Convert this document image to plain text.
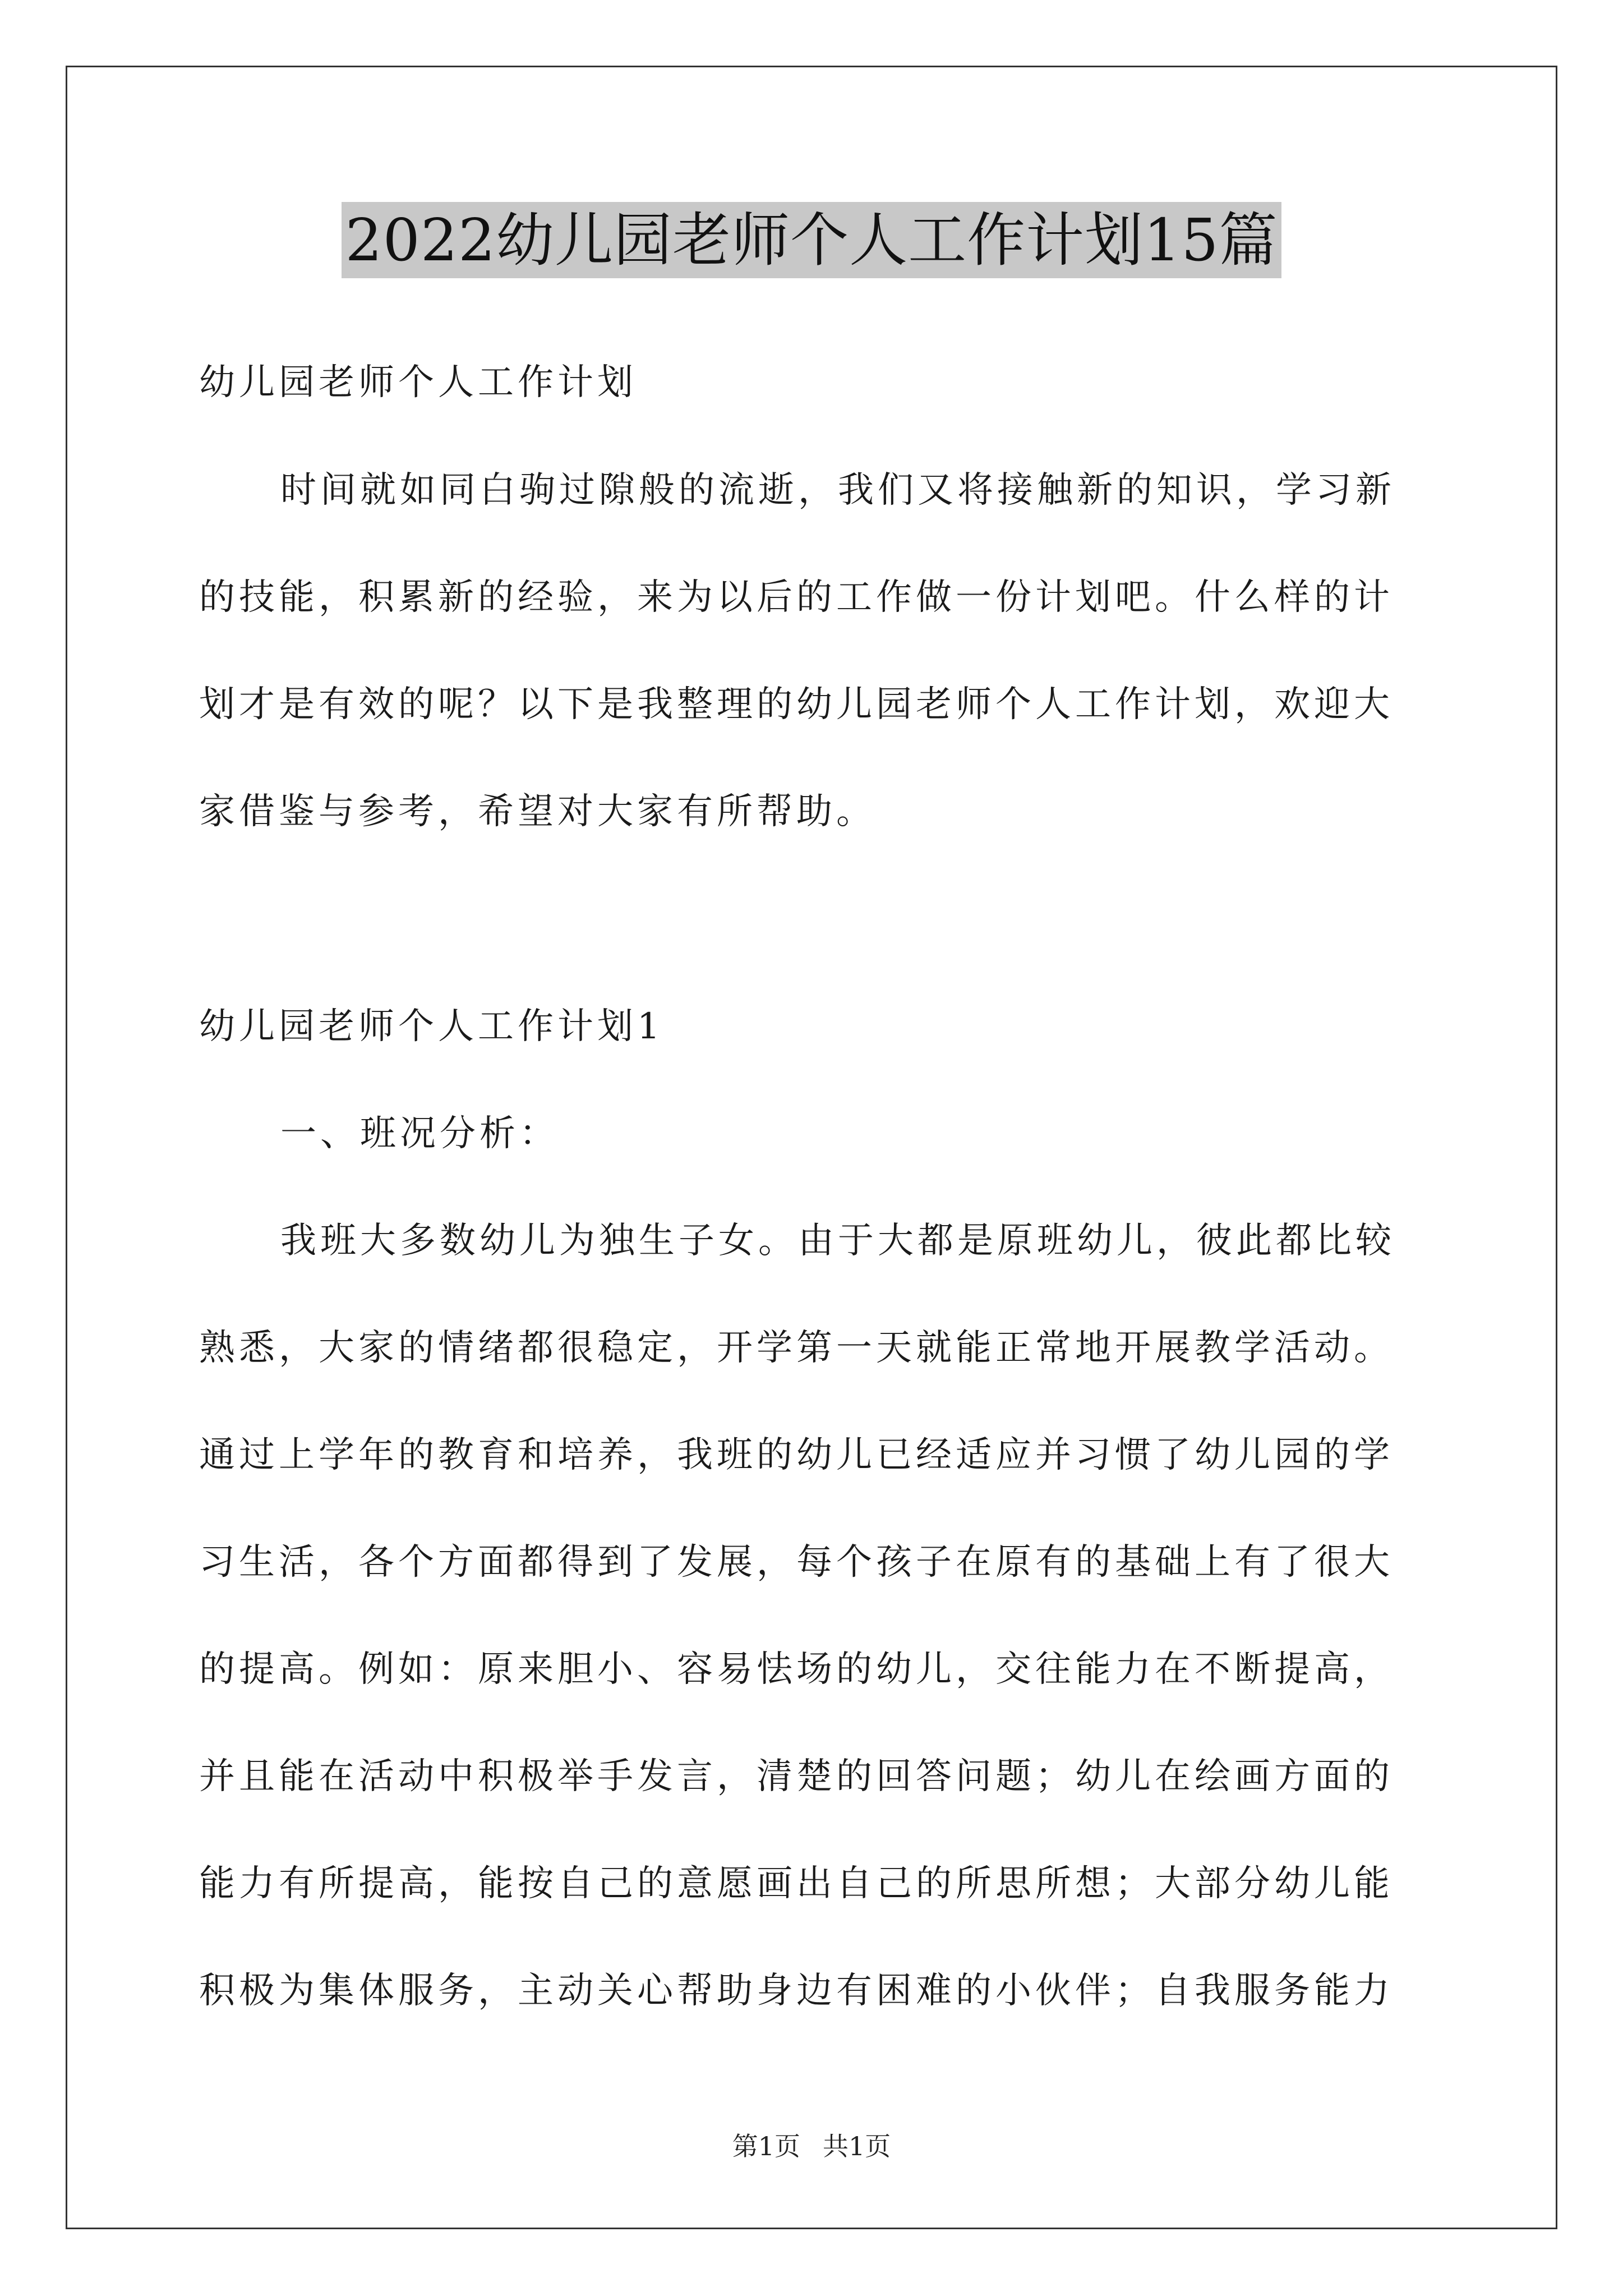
2022幼儿园老师个人工作计划15篇
幼儿园老师个人工作计划
时间就如同白驹过隙般的流逝，我们又将接触新的知识，学习新
的技能，积累新的经验，来为以后的工作做一份计划吧。什么样的计
划才是有效的呢？以下是我整理的幼儿园老师个人工作计划，欢迎大
家借鉴与参考，希望对大家有所帮助。
幼儿园老师个人工作计划1
一、班况分析：
我班大多数幼儿为独生子女。由于大都是原班幼儿，彼此都比较
熟悉，大家的情绪都很稳定，开学第一天就能正常地开展教学活动。
通过上学年的教育和培养，我班的幼儿已经适应并习惯了幼儿园的学
习生活，各个方面都得到了发展，每个孩子在原有的基础上有了很大
的提高。例如：原来胆小、容易怯场的幼儿，交往能力在不断提高，
并且能在活动中积极举手发言，清楚的回答问题；幼儿在绘画方面的
能力有所提高，能按自己的意愿画出自己的所思所想；大部分幼儿能
积极为集体服务，主动关心帮助身边有困难的小伙伴；自我服务能力
第1页 共1页
